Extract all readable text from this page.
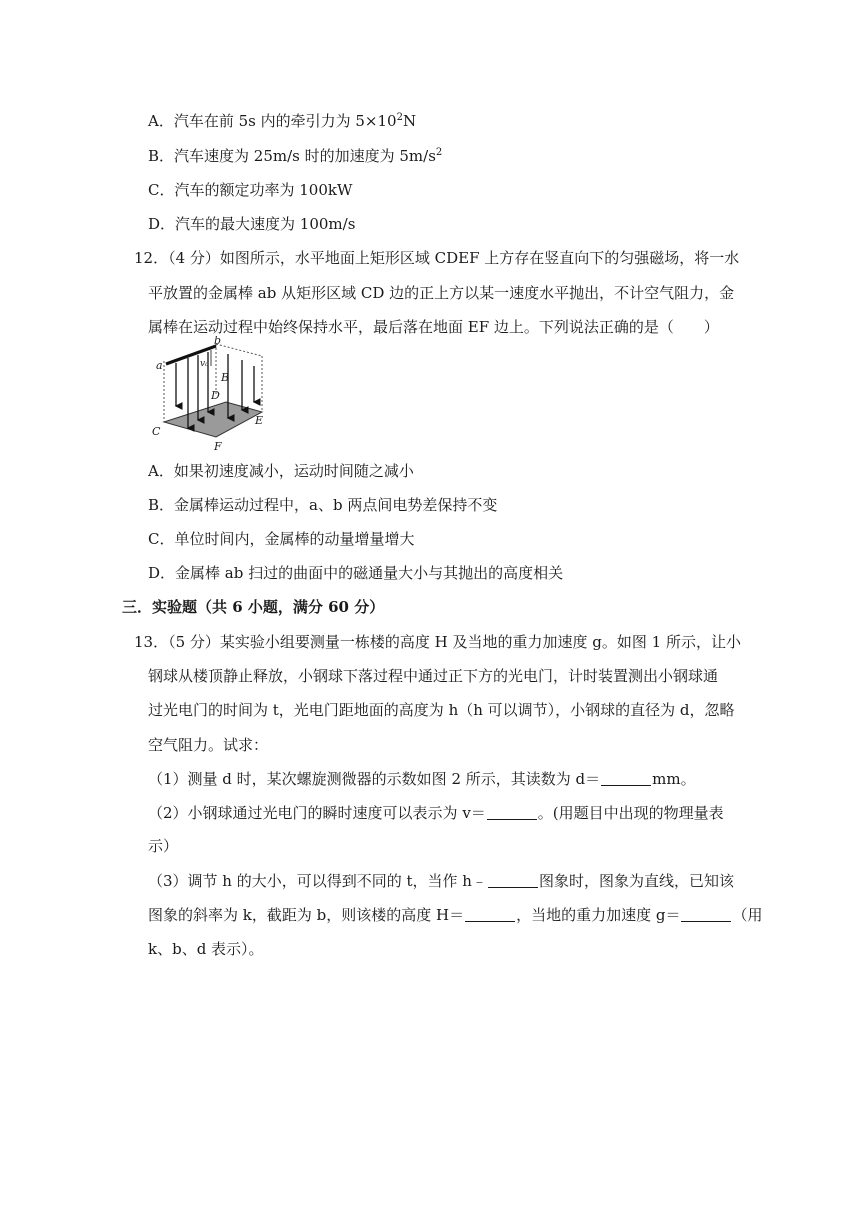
A．汽车在前 5s 内的牵引力为 $5\times 10^2N$
B．汽车速度为 25m/s 时的加速度为 $5m/s^2$
C．汽车的额定功率为 100kW
D．汽车的最大速度为 100m/s
12．（4 分）如图所示，水平地面上矩形区域 CDEF 上方存在竖直向下的匀强磁场，将一水
平放置的金属棒 ab 从矩形区域 CD 边的正上方以某一速度水平抛出，不计空气阻力，金
属棒在运动过程中始终保持水平，最后落在地面 EF 边上。下列说法正确的是（　　）
a
b
v₀
B
D
E
C
F
A．如果初速度减小，运动时间随之减小
B．金属棒运动过程中，a、b 两点间电势差保持不变
C．单位时间内，金属棒的动量增量增大
D．金属棒 ab 扫过的曲面中的磁通量大小与其抛出的高度相关
三．实验题（共 6 小题，满分 60 分）
13．（5 分）某实验小组要测量一栋楼的高度 H 及当地的重力加速度 g。如图 1 所示，让小
钢球从楼顶静止释放，小钢球下落过程中通过正下方的光电门，计时装置测出小钢球通
过光电门的时间为 t，光电门距地面的高度为 h（h 可以调节），小钢球的直径为 d，忽略
空气阻力。试求：
（1）测量 d 时，某次螺旋测微器的示数如图 2 所示，其读数为 d＝	mm。
（2）小钢球通过光电门的瞬时速度可以表示为 v＝	。(用题目中出现的物理量表
示）
（3）调节 h 的大小，可以得到不同的 t，当作 h﹣	图象时，图象为直线，已知该
图象的斜率为 k，截距为 b，则该楼的高度 H＝	，当地的重力加速度 g＝	（用
k、b、d 表示）。
